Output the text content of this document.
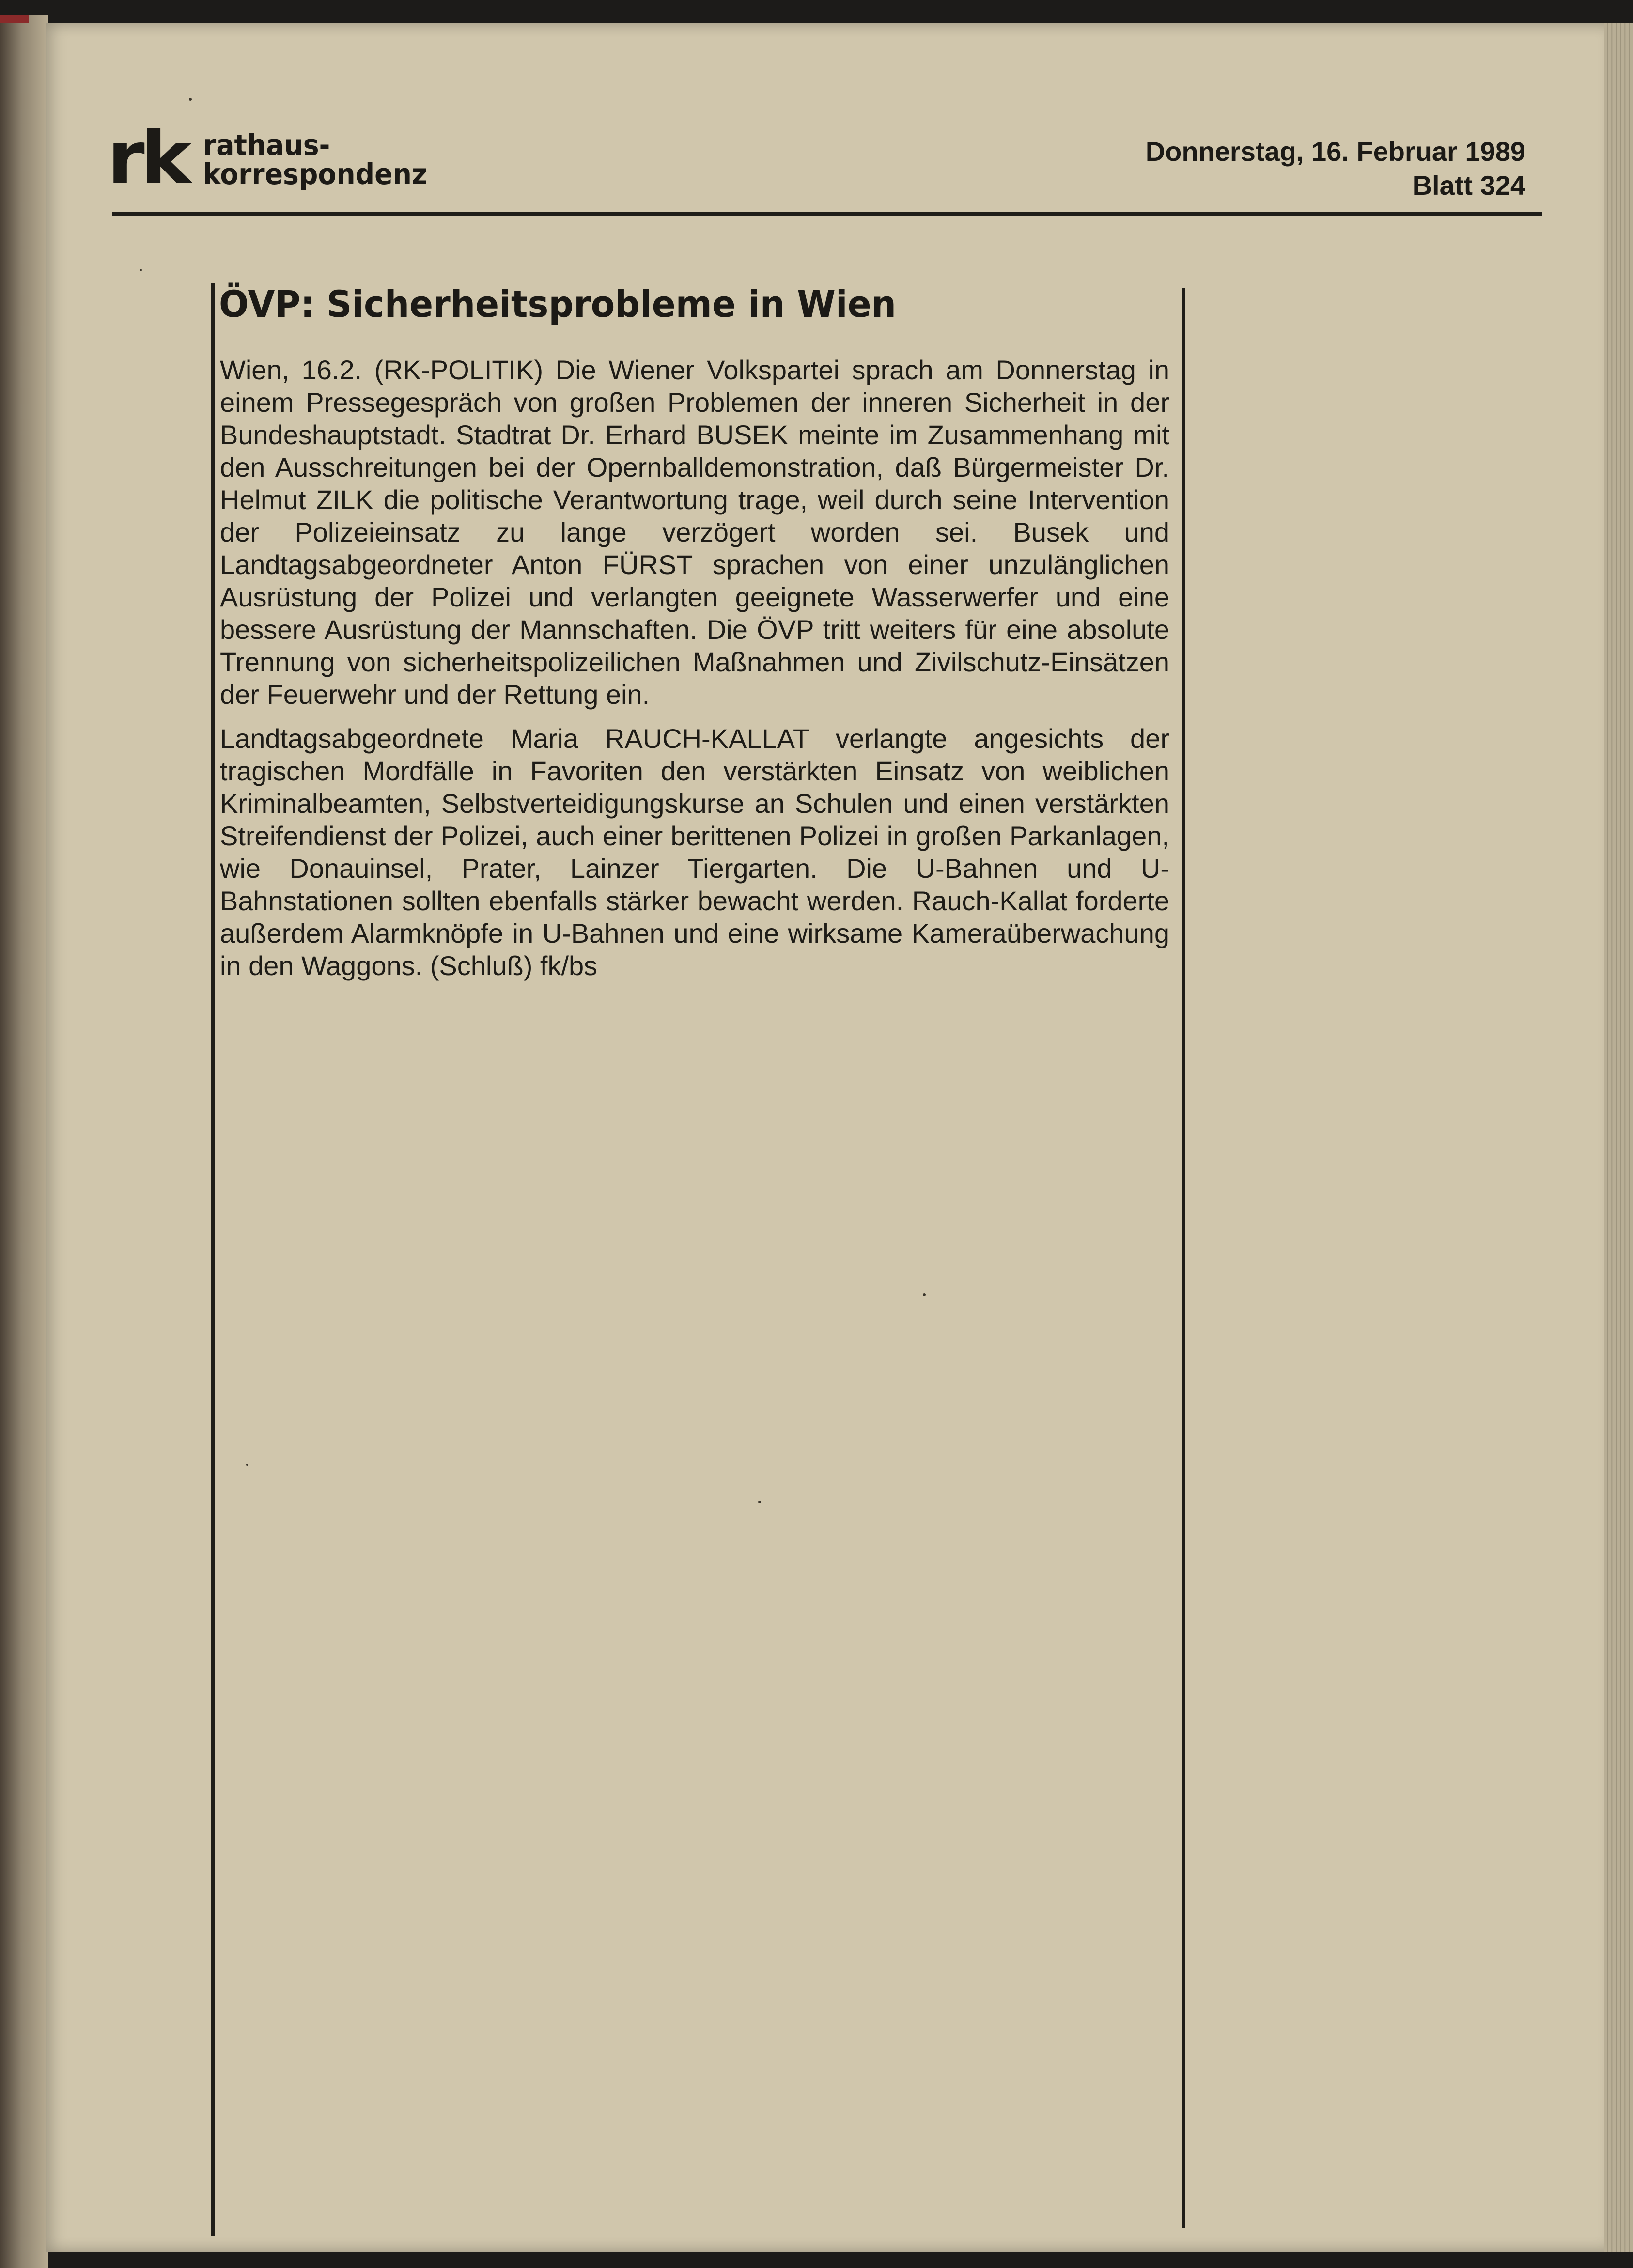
rk rathaus-
korrespondenz
Donnerstag, 16. Februar 1989
Blatt 324
ÖVP: Sicherheitsprobleme in Wien

Wien, 16.2. (RK-POLITIK) Die Wiener Volkspartei sprach am Donnerstag in einem Pressegespräch von großen Problemen der inneren Sicherheit in der Bundeshauptstadt. Stadtrat Dr. Erhard BUSEK meinte im Zusammenhang mit den Ausschreitungen bei der Opernballdemonstration, daß Bürgermeister Dr. Helmut ZILK die politische Verantwortung trage, weil durch seine Intervention der Polizeieinsatz zu lange verzögert worden sei. Busek und Landtagsabgeordneter Anton FÜRST sprachen von einer unzulänglichen Ausrüstung der Polizei und verlangten geeignete Wasserwerfer und eine bessere Ausrüstung der Mannschaften. Die ÖVP tritt weiters für eine absolute Trennung von sicherheitspolizeilichen Maßnahmen und Zivilschutz-Einsätzen der Feuerwehr und der Rettung ein.

Landtagsabgeordnete Maria RAUCH-KALLAT verlangte angesichts der tragischen Mordfälle in Favoriten den verstärkten Einsatz von weiblichen Kriminalbeamten, Selbstverteidigungskurse an Schulen und einen verstärkten Streifendienst der Polizei, auch einer berittenen Polizei in großen Parkanlagen, wie Donauinsel, Prater, Lainzer Tiergarten. Die U-Bahnen und U-Bahnstationen sollten ebenfalls stärker bewacht werden. Rauch-Kallat forderte außerdem Alarmknöpfe in U-Bahnen und eine wirksame Kameraüberwachung in den Waggons. (Schluß) fk/bs
